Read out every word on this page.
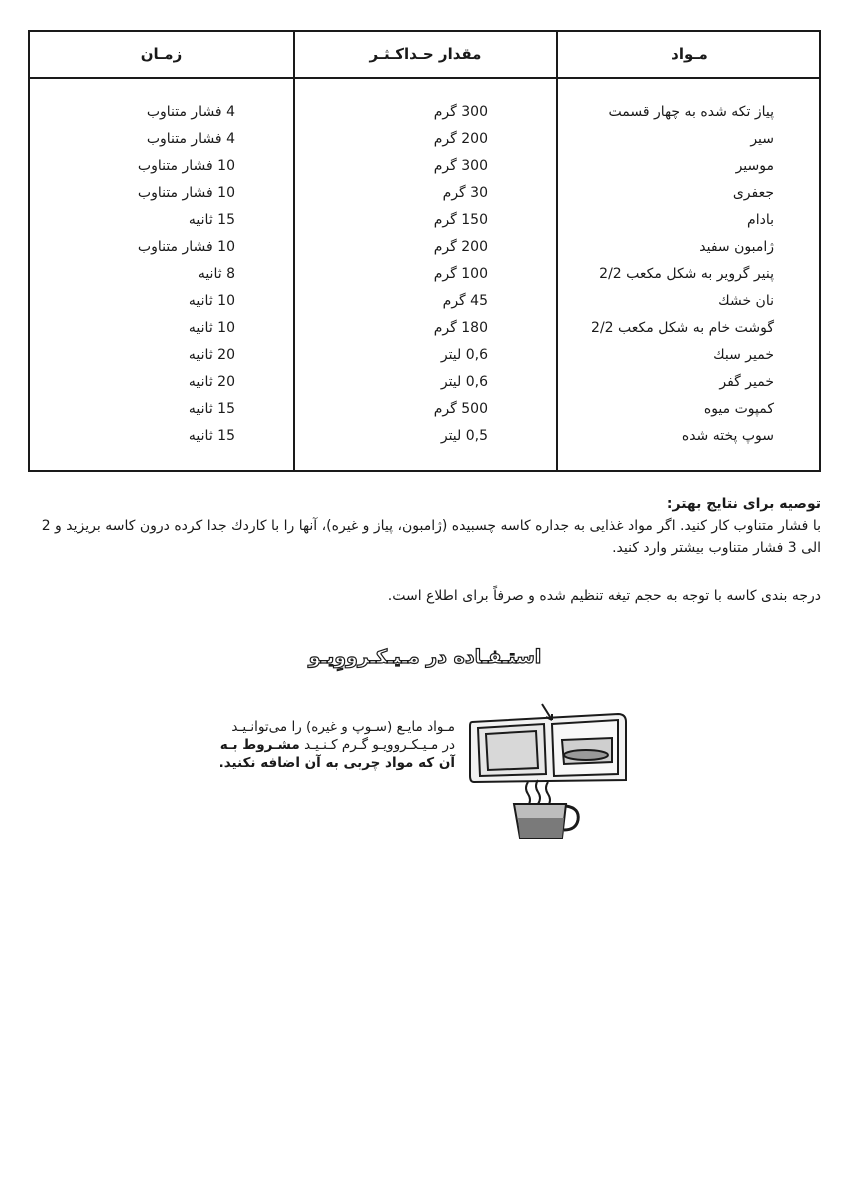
مـواد
مقدار حـداكـثـر
زمـان
پیاز تکه شده به چهار قسمت
300 گرم
4 فشار متناوب
سیر
200 گرم
4 فشار متناوب
موسیر
300 گرم
10 فشار متناوب
جعفری
30 گرم
10 فشار متناوب
بادام
150 گرم
15 ثانیه
ژامبون سفید
200 گرم
10 فشار متناوب
پنیر گروير به شکل مکعب 2/2
100 گرم
8 ثانیه
نان خشك
45 گرم
10 ثانیه
گوشت خام به شکل مکعب 2/2
180 گرم
10 ثانیه
خمیر سبك
0,6 لیتر
20 ثانیه
خمیر گفر
0,6 لیتر
20 ثانیه
کمپوت میوه
500 گرم
15 ثانیه
سوپ پخته شده
0,5 لیتر
15 ثانیه
توصیه برای نتایج بهتر:
با فشار متناوب کار کنید. اگر مواد غذایی به جداره کاسه چسبیده (ژامبون، پیاز و غیره)، آنها را با کاردك جدا کرده درون کاسه بریزید و 2 الی 3 فشار متناوب بیشتر وارد کنید.
درجه بندی کاسه با توجه به حجم تیغه تنظیم شده و صرفاً برای اطلاع است.
استـفـاده در مـیـکـرووِیـو
مـواد مایـع (سـوپ و غیره) را می‌توانـیـد در مـیـکـروویـو گـرم کـنـیـد مشـروط بـه آن که مواد چربی به آن اضافه نکنید.
